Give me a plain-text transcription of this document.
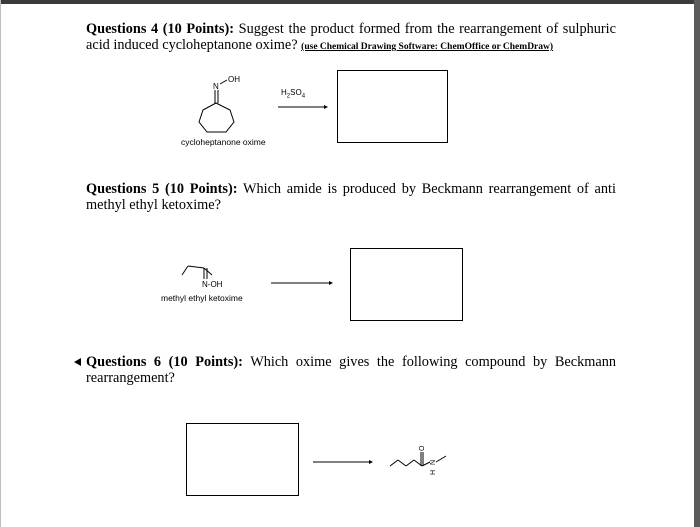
Questions 4 (10 Points): Suggest the product formed from the rearrangement of sulphuric acid induced cycloheptanone oxime? (use Chemical Drawing Software: ChemOffice or ChemDraw)
N
OH
cycloheptanone oxime
$H_2SO_4$
Questions 5 (10 Points): Which amide is produced by Beckmann rearrangement of anti methyl ethyl ketoxime?
N-OH
methyl ethyl ketoxime
Questions 6 (10 Points): Which oxime gives the following compound by Beckmann rearrangement?
O
N
H
